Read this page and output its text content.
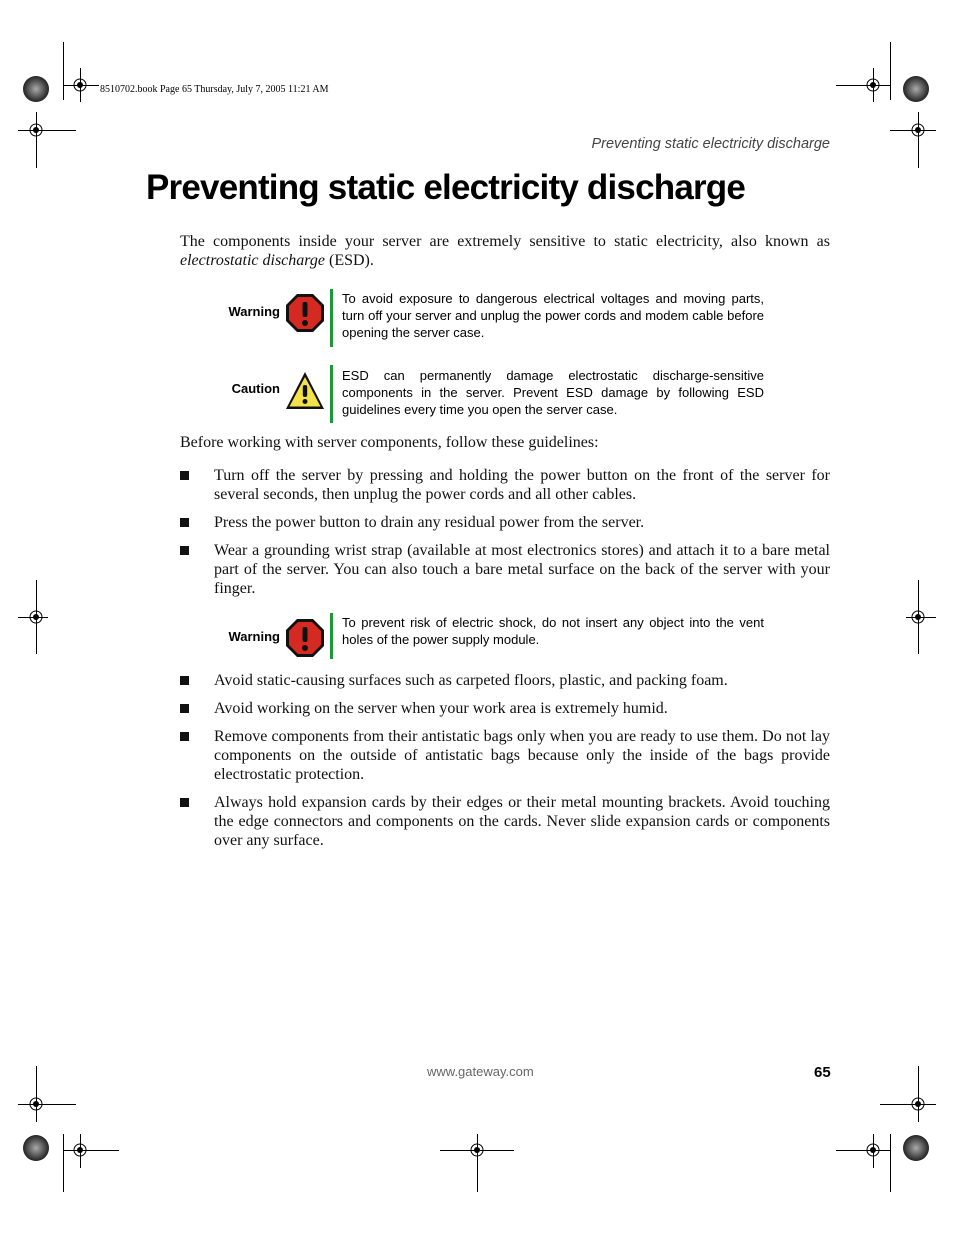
8510702.book Page 65 Thursday, July 7, 2005 11:21 AM
Preventing static electricity discharge
Preventing static electricity discharge

The components inside your server are extremely sensitive to static electricity, also known as electrostatic discharge (ESD).

Warning
To avoid exposure to dangerous electrical voltages and moving parts, turn off your server and unplug the power cords and modem cable before opening the server case.
Caution
ESD can permanently damage electrostatic discharge-sensitive components in the server. Prevent ESD damage by following ESD guidelines every time you open the server case.

Before working with server components, follow these guidelines:

Turn off the server by pressing and holding the power button on the front of the server for several seconds, then unplug the power cords and all other cables.
Press the power button to drain any residual power from the server.
Wear a grounding wrist strap (available at most electronics stores) and attach it to a bare metal part of the server. You can also touch a bare metal surface on the back of the server with your finger.
Warning
To prevent risk of electric shock, do not insert any object into the vent holes of the power supply module.
Avoid static-causing surfaces such as carpeted floors, plastic, and packing foam.
Avoid working on the server when your work area is extremely humid.
Remove components from their antistatic bags only when you are ready to use them. Do not lay components on the outside of antistatic bags because only the inside of the bags provide electrostatic protection.
Always hold expansion cards by their edges or their metal mounting brackets. Avoid touching the edge connectors and components on the cards. Never slide expansion cards or components over any surface.
www.gateway.com	65
